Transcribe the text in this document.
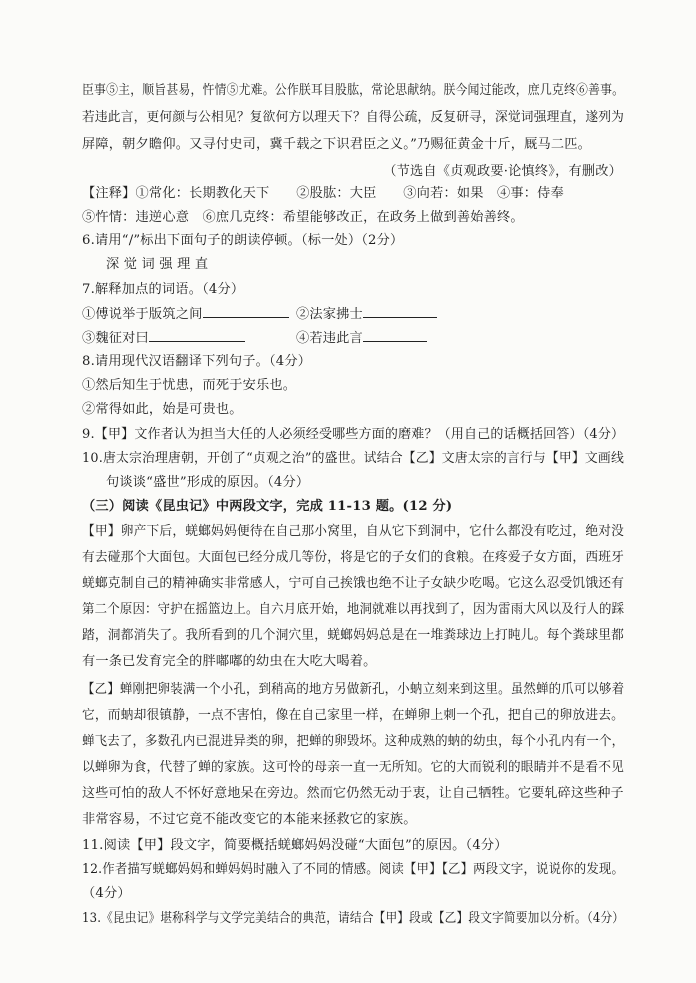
臣事⑤主，顺旨甚易，忤情⑤尤难。公作朕耳目股肱，常论思献纳。朕今闻过能改，庶几克终⑥善事。
若违此言，更何颜与公相见？复欲何方以理天下？自得公疏，反复研寻，深觉词强理直，遂列为
屏障，朝夕瞻仰。又寻付史司，冀千载之下识君臣之义。”乃赐征黄金十斤，厩马二匹。
（节选自《贞观政要·论慎终》，有删改）
【注释】①常化：长期教化天下　　②股肱：大臣　　③向若：如果　④事：侍奉
⑤忤情：违逆心意　⑥庶几克终：希望能够改正，在政务上做到善始善终。
6.请用“/”标出下面句子的朗读停顿。（标一处）（2分）
深 觉 词 强 理 直
7.解释加点的词语。（4分）
①傅说举于版筑之间	②法家拂士
③魏征对曰	④若违此言
8.请用现代汉语翻译下列句子。（4分）
①然后知生于忧患，而死于安乐也。
②常得如此，始是可贵也。
9.【甲】文作者认为担当大任的人必须经受哪些方面的磨难？（用自己的话概括回答）（4分）
10.唐太宗治理唐朝，开创了“贞观之治”的盛世。试结合【乙】文唐太宗的言行与【甲】文画线
句谈谈“盛世”形成的原因。（4分）
（三）阅读《昆虫记》中两段文字，完成 11-13 题。(12 分)
【甲】卵产下后，蜣螂妈妈便待在自己那小窝里，自从它下到洞中，它什么都没有吃过，绝对没
有去碰那个大面包。大面包已经分成几等份，将是它的子女们的食粮。在疼爱子女方面，西班牙
蜣螂克制自己的精神确实非常感人，宁可自己挨饿也绝不让子女缺少吃喝。它这么忍受饥饿还有
第二个原因：守护在摇篮边上。自六月底开始，地洞就难以再找到了，因为雷雨大风以及行人的踩
踏，洞都消失了。我所看到的几个洞穴里，蜣螂妈妈总是在一堆粪球边上打盹儿。每个粪球里都
有一条已发育完全的胖嘟嘟的幼虫在大吃大喝着。
【乙】蝉刚把卵装满一个小孔，到稍高的地方另做新孔，小蚋立刻来到这里。虽然蝉的爪可以够着
它，而蚋却很镇静，一点不害怕，像在自己家里一样，在蝉卵上刺一个孔，把自己的卵放进去。
蝉飞去了，多数孔内已混进异类的卵，把蝉的卵毁坏。这种成熟的蚋的幼虫，每个小孔内有一个，
以蝉卵为食，代替了蝉的家族。这可怜的母亲一直一无所知。它的大而锐利的眼睛并不是看不见
这些可怕的敌人不怀好意地呆在旁边。然而它仍然无动于衷，让自己牺牲。它要轧碎这些种子
非常容易，不过它竟不能改变它的本能来拯救它的家族。
11.阅读【甲】段文字，简要概括蜣螂妈妈没碰“大面包”的原因。（4分）
12.作者描写蜣螂妈妈和蝉妈妈时融入了不同的情感。阅读【甲】【乙】两段文字，说说你的发现。
（4分）
13.《昆虫记》堪称科学与文学完美结合的典范，请结合【甲】段或【乙】段文字简要加以分析。（4分）
